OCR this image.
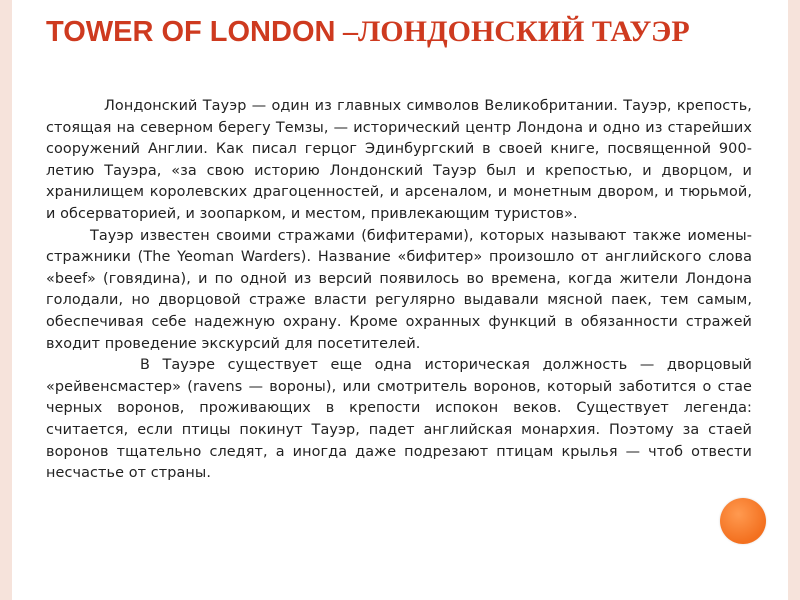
TOWER OF LONDON –ЛОНДОНСКИЙ ТАУЭР

Лондонский Тауэр — один из главных символов Великобритании. Тауэр, крепость, стоящая на северном берегу Темзы, — исторический центр Лондона и одно из старейших сооружений Англии. Как писал герцог Эдинбургский в своей книге, посвященной 900-летию Тауэра, «за свою историю Лондонский Тауэр был и крепостью, и дворцом, и хранилищем королевских драгоценностей, и арсеналом, и монетным двором, и тюрьмой, и обсерваторией, и зоопарком, и местом, привлекающим туристов».

Тауэр известен своими стражами (бифитерами), которых называют также иомены-стражники (The Yeoman Warders). Название «бифитер» произошло от английского слова «beef» (говядина), и по одной из версий появилось во времена, когда жители Лондона голодали, но дворцовой страже власти регулярно выдавали мясной паек, тем самым, обеспечивая себе надежную охрану. Кроме охранных функций в обязанности стражей входит проведение экскурсий для посетителей.

В Тауэре существует еще одна историческая должность — дворцовый «рейвенсмастер» (ravens — вороны), или смотритель воронов, который заботится о стае черных воронов, проживающих в крепости испокон веков. Существует легенда: считается, если птицы покинут Тауэр, падет английская монархия. Поэтому за стаей воронов тщательно следят, а иногда даже подрезают птицам крылья — чтоб отвести несчастье от страны.
